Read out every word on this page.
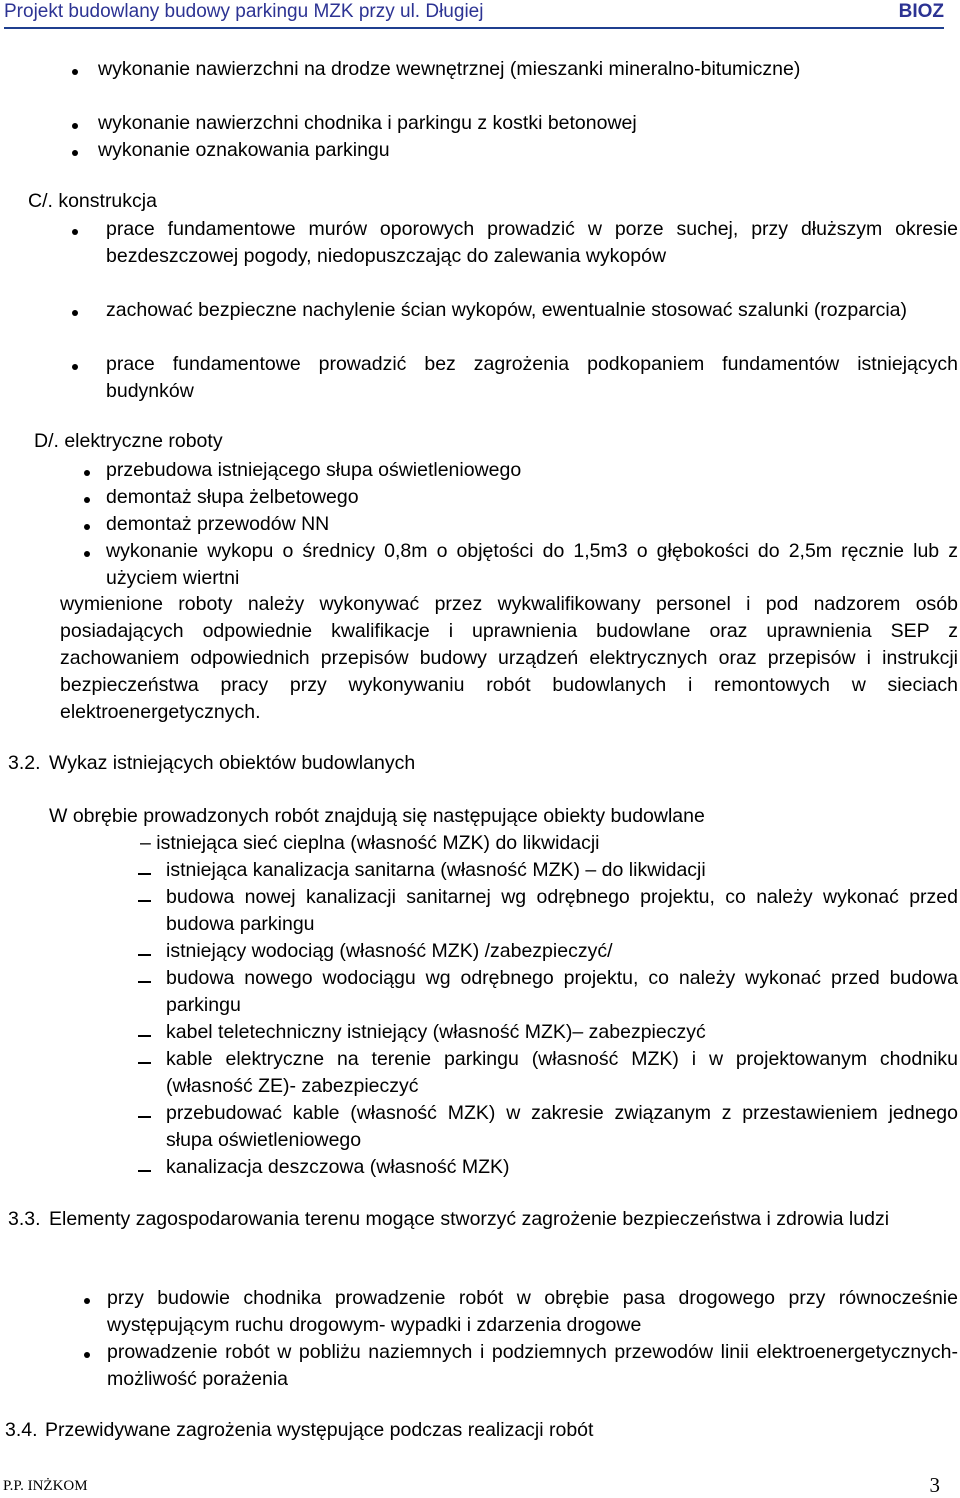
Projekt budowlany budowy parkingu MZK przy ul. Długiej	BIOZ
wykonanie nawierzchni na drodze wewnętrznej (mieszanki mineralno-bitumiczne)
wykonanie nawierzchni chodnika i parkingu z kostki betonowej
wykonanie oznakowania parkingu
C/. konstrukcja
prace fundamentowe murów oporowych prowadzić w porze suchej, przy dłuższym okresie bezdeszczowej pogody, niedopuszczając do zalewania wykopów
zachować bezpieczne nachylenie ścian wykopów, ewentualnie stosować szalunki (rozparcia)
prace fundamentowe prowadzić bez zagrożenia podkopaniem fundamentów istniejących budynków
D/. elektryczne roboty
przebudowa istniejącego słupa oświetleniowego
demontaż słupa żelbetowego
demontaż przewodów NN
wykonanie wykopu o średnicy 0,8m o objętości do 1,5m3 o głębokości do 2,5m ręcznie lub z użyciem wiertni
wymienione roboty należy wykonywać przez wykwalifikowany personel i pod nadzorem osób posiadających odpowiednie kwalifikacje i uprawnienia budowlane oraz uprawnienia SEP z zachowaniem odpowiednich przepisów budowy urządzeń elektrycznych oraz przepisów i instrukcji bezpieczeństwa pracy przy wykonywaniu robót budowlanych i remontowych w sieciach elektroenergetycznych.
3.2. Wykaz istniejących obiektów budowlanych
W obrębie prowadzonych robót znajdują się następujące obiekty budowlane
– istniejąca sieć cieplna (własność MZK) do likwidacji
istniejąca kanalizacja sanitarna (własność MZK) – do likwidacji
budowa nowej kanalizacji sanitarnej wg odrębnego projektu, co należy wykonać przed budowa parkingu
istniejący wodociąg (własność MZK) /zabezpieczyć/
budowa nowego wodociągu wg odrębnego projektu, co należy wykonać przed budowa parkingu
kabel teletechniczny istniejący (własność MZK)– zabezpieczyć
kable elektryczne na terenie parkingu (własność MZK) i w projektowanym chodniku (własność ZE)- zabezpieczyć
przebudować kable (własność MZK) w zakresie związanym z przestawieniem jednego słupa oświetleniowego
kanalizacja deszczowa (własność MZK)
3.3. Elementy zagospodarowania terenu mogące stworzyć zagrożenie bezpieczeństwa i zdrowia ludzi
przy budowie chodnika prowadzenie robót w obrębie pasa drogowego przy równocześnie występującym ruchu drogowym- wypadki i zdarzenia drogowe
prowadzenie robót w pobliżu naziemnych i podziemnych przewodów linii elektroenergetycznych-możliwość porażenia
3.4. Przewidywane zagrożenia występujące podczas realizacji robót
P.P. INŻKOM	3
